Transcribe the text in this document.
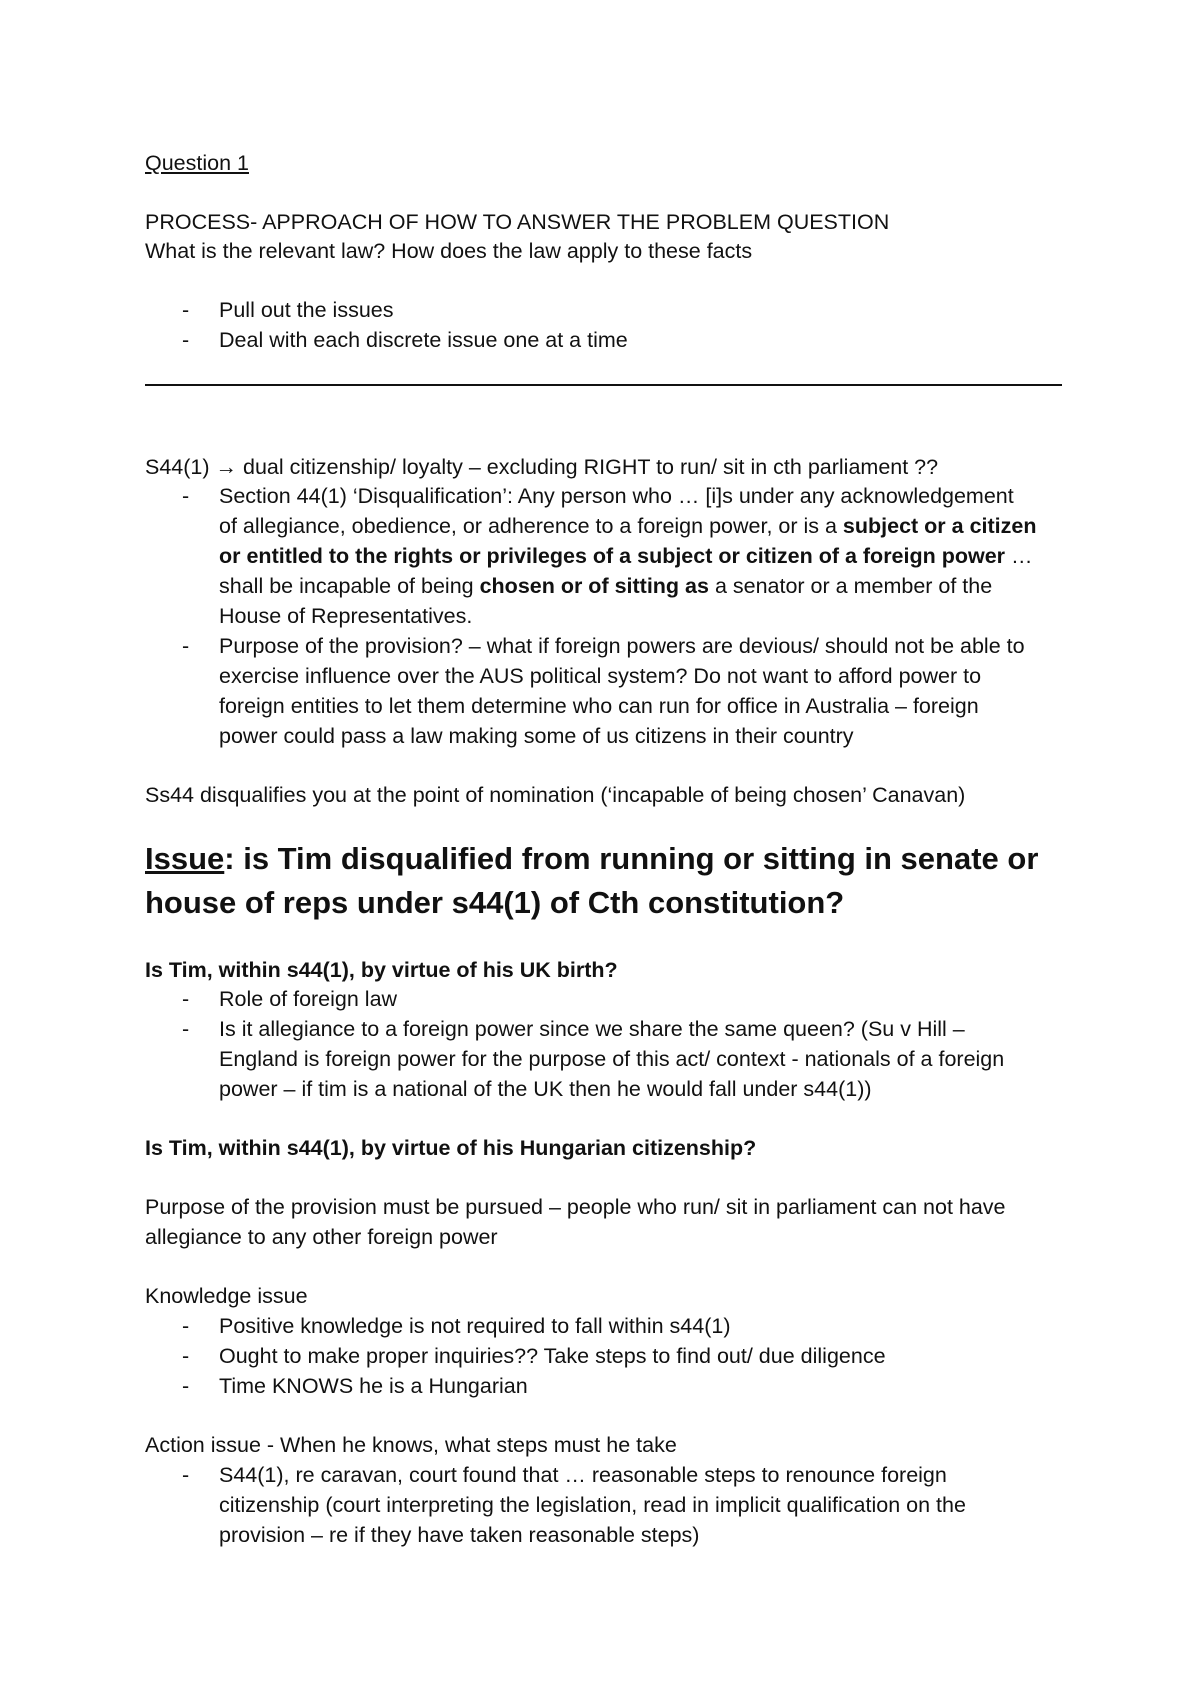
Question 1
PROCESS- APPROACH OF HOW TO ANSWER THE PROBLEM QUESTION
What is the relevant law? How does the law apply to these facts
- Pull out the issues
- Deal with each discrete issue one at a time
S44(1) → dual citizenship/ loyalty – excluding RIGHT to run/ sit in cth parliament ??
- Section 44(1) ‘Disqualification’: Any person who … [i]s under any acknowledgement
of allegiance, obedience, or adherence to a foreign power, or is a subject or a citizen
or entitled to the rights or privileges of a subject or citizen of a foreign power …
shall be incapable of being chosen or of sitting as a senator or a member of the
House of Representatives.
- Purpose of the provision? – what if foreign powers are devious/ should not be able to
exercise influence over the AUS political system? Do not want to afford power to
foreign entities to let them determine who can run for office in Australia – foreign
power could pass a law making some of us citizens in their country
Ss44 disqualifies you at the point of nomination (‘incapable of being chosen’ Canavan)
Issue: is Tim disqualified from running or sitting in senate or
house of reps under s44(1) of Cth constitution?
Is Tim, within s44(1), by virtue of his UK birth?
- Role of foreign law
- Is it allegiance to a foreign power since we share the same queen? (Su v Hill –
England is foreign power for the purpose of this act/ context - nationals of a foreign
power – if tim is a national of the UK then he would fall under s44(1))
Is Tim, within s44(1), by virtue of his Hungarian citizenship?
Purpose of the provision must be pursued – people who run/ sit in parliament can not have
allegiance to any other foreign power
Knowledge issue
- Positive knowledge is not required to fall within s44(1)
- Ought to make proper inquiries?? Take steps to find out/ due diligence
- Time KNOWS he is a Hungarian
Action issue - When he knows, what steps must he take
- S44(1), re caravan, court found that … reasonable steps to renounce foreign
citizenship (court interpreting the legislation, read in implicit qualification on the
provision – re if they have taken reasonable steps)
